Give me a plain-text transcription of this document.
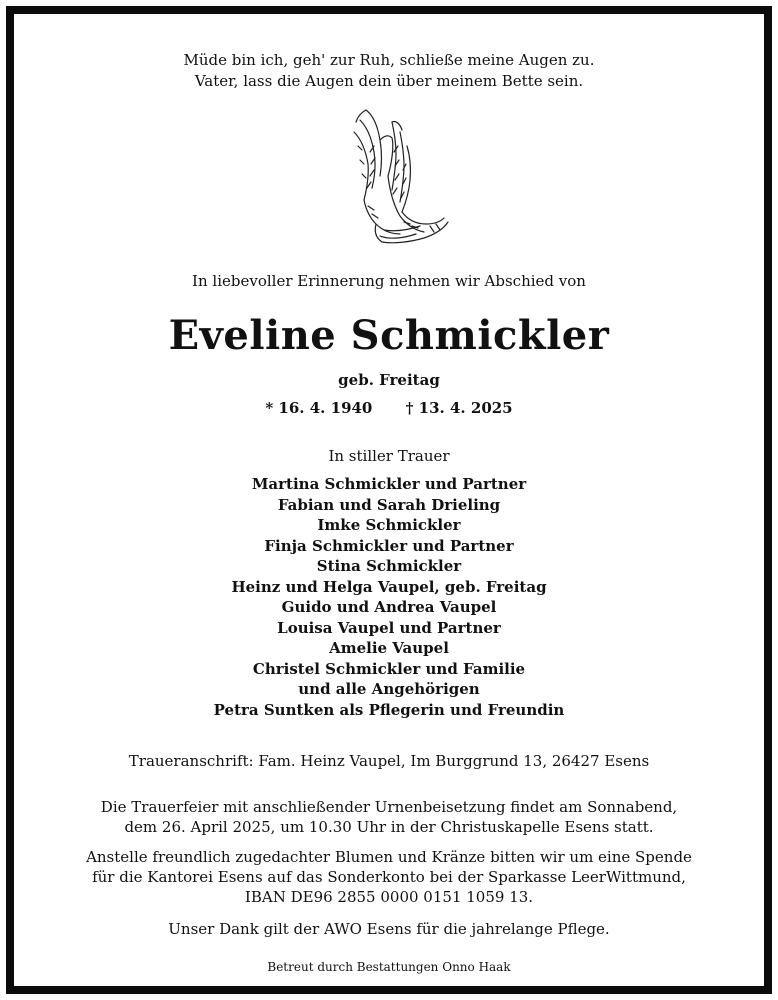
Müde bin ich, geh' zur Ruh, schließe meine Augen zu.
Vater, lass die Augen dein über meinem Bette sein.
In liebevoller Erinnerung nehmen wir Abschied von
Eveline Schmickler
geb. Freitag
* 16. 4. 1940 † 13. 4. 2025
In stiller Trauer
Martina Schmickler und Partner
Fabian und Sarah Drieling
Imke Schmickler
Finja Schmickler und Partner
Stina Schmickler
Heinz und Helga Vaupel, geb. Freitag
Guido und Andrea Vaupel
Louisa Vaupel und Partner
Amelie Vaupel
Christel Schmickler und Familie
und alle Angehörigen
Petra Suntken als Pflegerin und Freundin
Traueranschrift: Fam. Heinz Vaupel, Im Burggrund 13, 26427 Esens
Die Trauerfeier mit anschließender Urnenbeisetzung findet am Sonnabend,
dem 26. April 2025, um 10.30 Uhr in der Christuskapelle Esens statt.
Anstelle freundlich zugedachter Blumen und Kränze bitten wir um eine Spende
für die Kantorei Esens auf das Sonderkonto bei der Sparkasse LeerWittmund,
IBAN DE96 2855 0000 0151 1059 13.
Unser Dank gilt der AWO Esens für die jahrelange Pflege.
Betreut durch Bestattungen Onno Haak
